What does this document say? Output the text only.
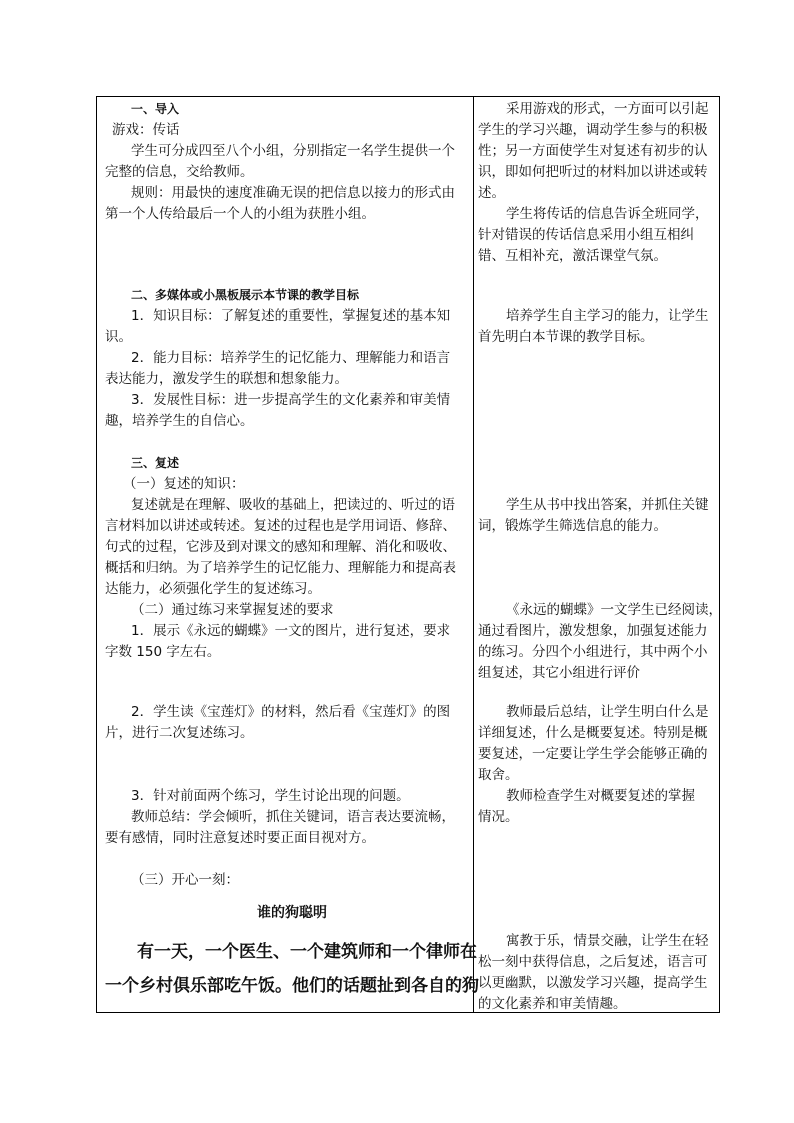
一、导入
游戏：传话
学生可分成四至八个小组，分别指定一名学生提供一个
完整的信息，交给教师。
规则：用最快的速度准确无误的把信息以接力的形式由
第一个人传给最后一个人的小组为获胜小组。
二、多媒体或小黑板展示本节课的教学目标
1．知识目标：了解复述的重要性，掌握复述的基本知
识。
2．能力目标：培养学生的记忆能力、理解能力和语言
表达能力，激发学生的联想和想象能力。
3．发展性目标：进一步提高学生的文化素养和审美情
趣，培养学生的自信心。
三、复述
（一）复述的知识：
复述就是在理解、吸收的基础上，把读过的、听过的语
言材料加以讲述或转述。复述的过程也是学用词语、修辞、
句式的过程，它涉及到对课文的感知和理解、消化和吸收、
概括和归纳。为了培养学生的记忆能力、理解能力和提高表
达能力，必须强化学生的复述练习。
（二）通过练习来掌握复述的要求
1．展示《永远的蝴蝶》一文的图片，进行复述，要求
字数 150 字左右。
2．学生读《宝莲灯》的材料，然后看《宝莲灯》的图
片，进行二次复述练习。
3．针对前面两个练习，学生讨论出现的问题。
教师总结：学会倾听，抓住关键词，语言表达要流畅，
要有感情，同时注意复述时要正面目视对方。
（三）开心一刻：
谁的狗聪明
有一天，一个医生、一个建筑师和一个律师在
一个乡村俱乐部吃午饭。他们的话题扯到各自的狗
采用游戏的形式，一方面可以引起
学生的学习兴趣，调动学生参与的积极
性；另一方面使学生对复述有初步的认
识，即如何把听过的材料加以讲述或转
述。
学生将传话的信息告诉全班同学，
针对错误的传话信息采用小组互相纠
错、互相补充，激活课堂气氛。
培养学生自主学习的能力，让学生
首先明白本节课的教学目标。
学生从书中找出答案，并抓住关键
词，锻炼学生筛选信息的能力。
《永远的蝴蝶》一文学生已经阅读，
通过看图片，激发想象，加强复述能力
的练习。分四个小组进行，其中两个小
组复述，其它小组进行评价
教师最后总结，让学生明白什么是
详细复述，什么是概要复述。特别是概
要复述，一定要让学生学会能够正确的
取舍。
教师检查学生对概要复述的掌握
情况。
寓教于乐，情景交融，让学生在轻
松一刻中获得信息，之后复述，语言可
以更幽默，以激发学习兴趣，提高学生
的文化素养和审美情趣。
